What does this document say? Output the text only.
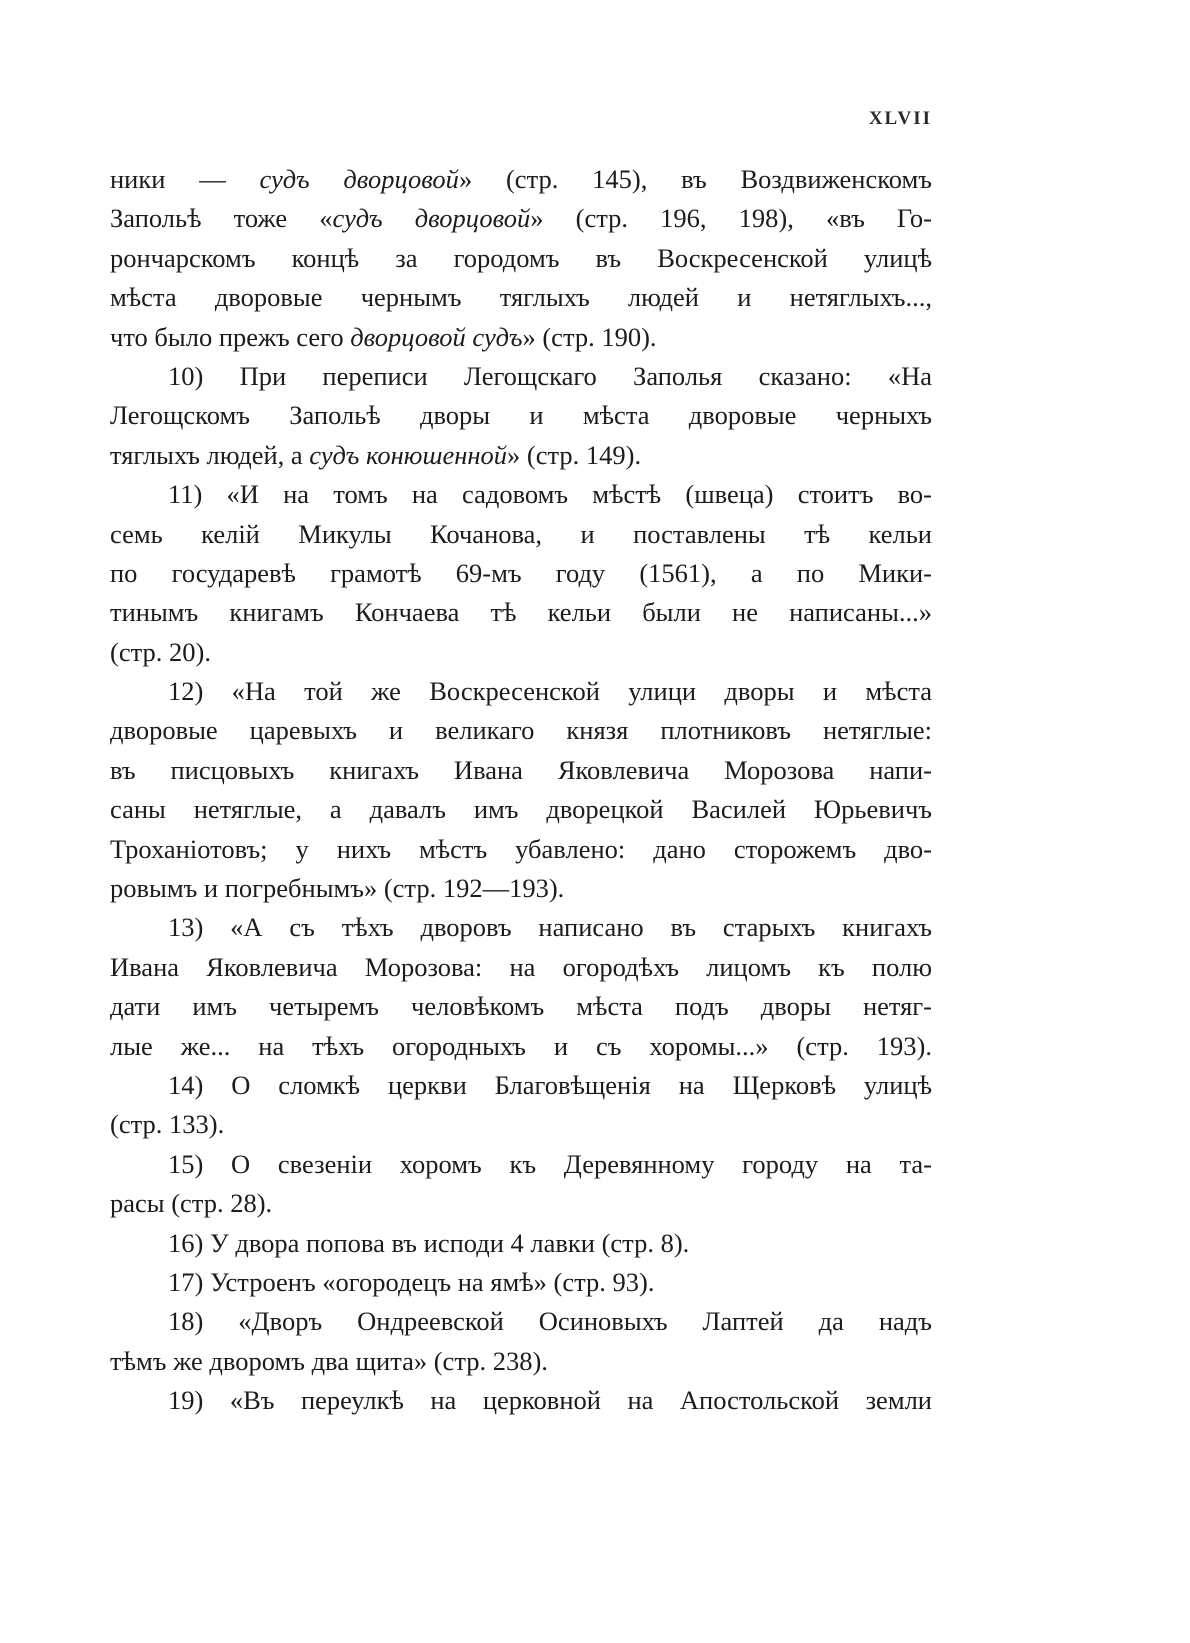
XLVII
ники — судъ дворцовой» (стр. 145), въ Воздвиженскомъ
Запольѣ тоже «судъ дворцовой» (стр. 196, 198), «въ Го-
рончарскомъ концѣ за городомъ въ Воскресенской улицѣ
мѣста дворовые чернымъ тяглыхъ людей и нетяглыхъ...,
что было прежъ сего дворцовой судъ» (стр. 190).
10) При переписи Легощскаго Заполья сказано: «На
Легощскомъ Запольѣ дворы и мѣста дворовые черныхъ
тяглыхъ людей, а судъ конюшенной» (стр. 149).
11) «И на томъ на садовомъ мѣстѣ (швеца) стоитъ во-
семь келій Микулы Кочанова, и поставлены тѣ кельи
по государевѣ грамотѣ 69-мъ году (1561), а по Мики-
тинымъ книгамъ Кончаева тѣ кельи были не написаны...»
(стр. 20).
12) «На той же Воскресенской улици дворы и мѣста
дворовые царевыхъ и великаго князя плотниковъ нетяглые:
въ писцовыхъ книгахъ Ивана Яковлевича Морозова напи-
саны нетяглые, а давалъ имъ дворецкой Василей Юрьевичъ
Троханіотовъ; у нихъ мѣстъ убавлено: дано сторожемъ дво-
ровымъ и погребнымъ» (стр. 192—193).
13) «А съ тѣхъ дворовъ написано въ старыхъ книгахъ
Ивана Яковлевича Морозова: на огородѣхъ лицомъ къ полю
дати имъ четыремъ человѣкомъ мѣста подъ дворы нетяг-
лые же... на тѣхъ огородныхъ и съ хоромы...» (стр. 193).
14) О сломкѣ церкви Благовѣщенія на Щерковѣ улицѣ
(стр. 133).
15) О свезеніи хоромъ къ Деревянному городу на та-
расы (стр. 28).
16) У двора попова въ исподи 4 лавки (стр. 8).
17) Устроенъ «огородецъ на ямѣ» (стр. 93).
18) «Дворъ Ондреевской Осиновыхъ Лаптей да надъ
тѣмъ же дворомъ два щита» (стр. 238).
19) «Въ переулкѣ на церковной на Апостольской земли
